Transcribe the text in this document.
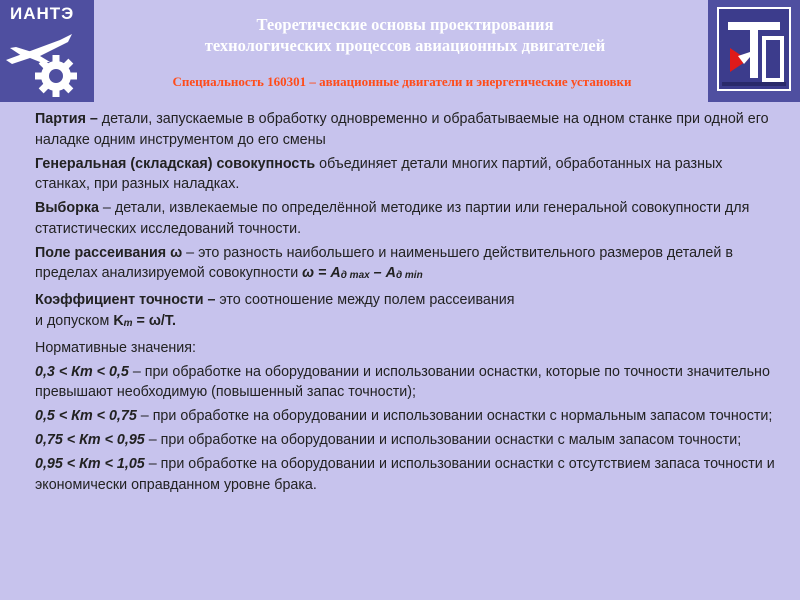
ИАНТЭ
Теоретические основы проектирования
технологических процессов авиационных двигателей
Специальность 160301 – авиационные двигатели и энергетические установки
Партия – детали, запускаемые в обработку одновременно и обрабатываемые на одном станке при одной его наладке одним инструментом до его смены
Генеральная (складская) совокупность объединяет детали многих партий, обработанных на разных станках, при разных наладках.
Выборка – детали, извлекаемые по определённой методике из партии или генеральной совокупности для статистических исследований точности.
Поле рассеивания ω – это разность наибольшего и наименьшего действительного размеров деталей в пределах анализируемой совокупности $\omega = А_{д max} - А_{д min}$
Коэффициент точности – это соотношение между полем рассеивания
и допуском $K_т = \omega/T$.
Нормативные значения:
0,3 < Кт < 0,5 – при обработке на оборудовании и использовании оснастки, которые по точности значительно превышают необходимую (повышенный запас точности);
0,5 < Кт < 0,75 – при обработке на оборудовании и использовании оснастки с нормальным запасом точности;
0,75 < Кт < 0,95 – при обработке на оборудовании и использовании оснастки с малым запасом точности;
0,95 < Кт < 1,05 – при обработке на оборудовании и использовании оснастки с отсутствием запаса точности и экономически оправданном уровне брака.
